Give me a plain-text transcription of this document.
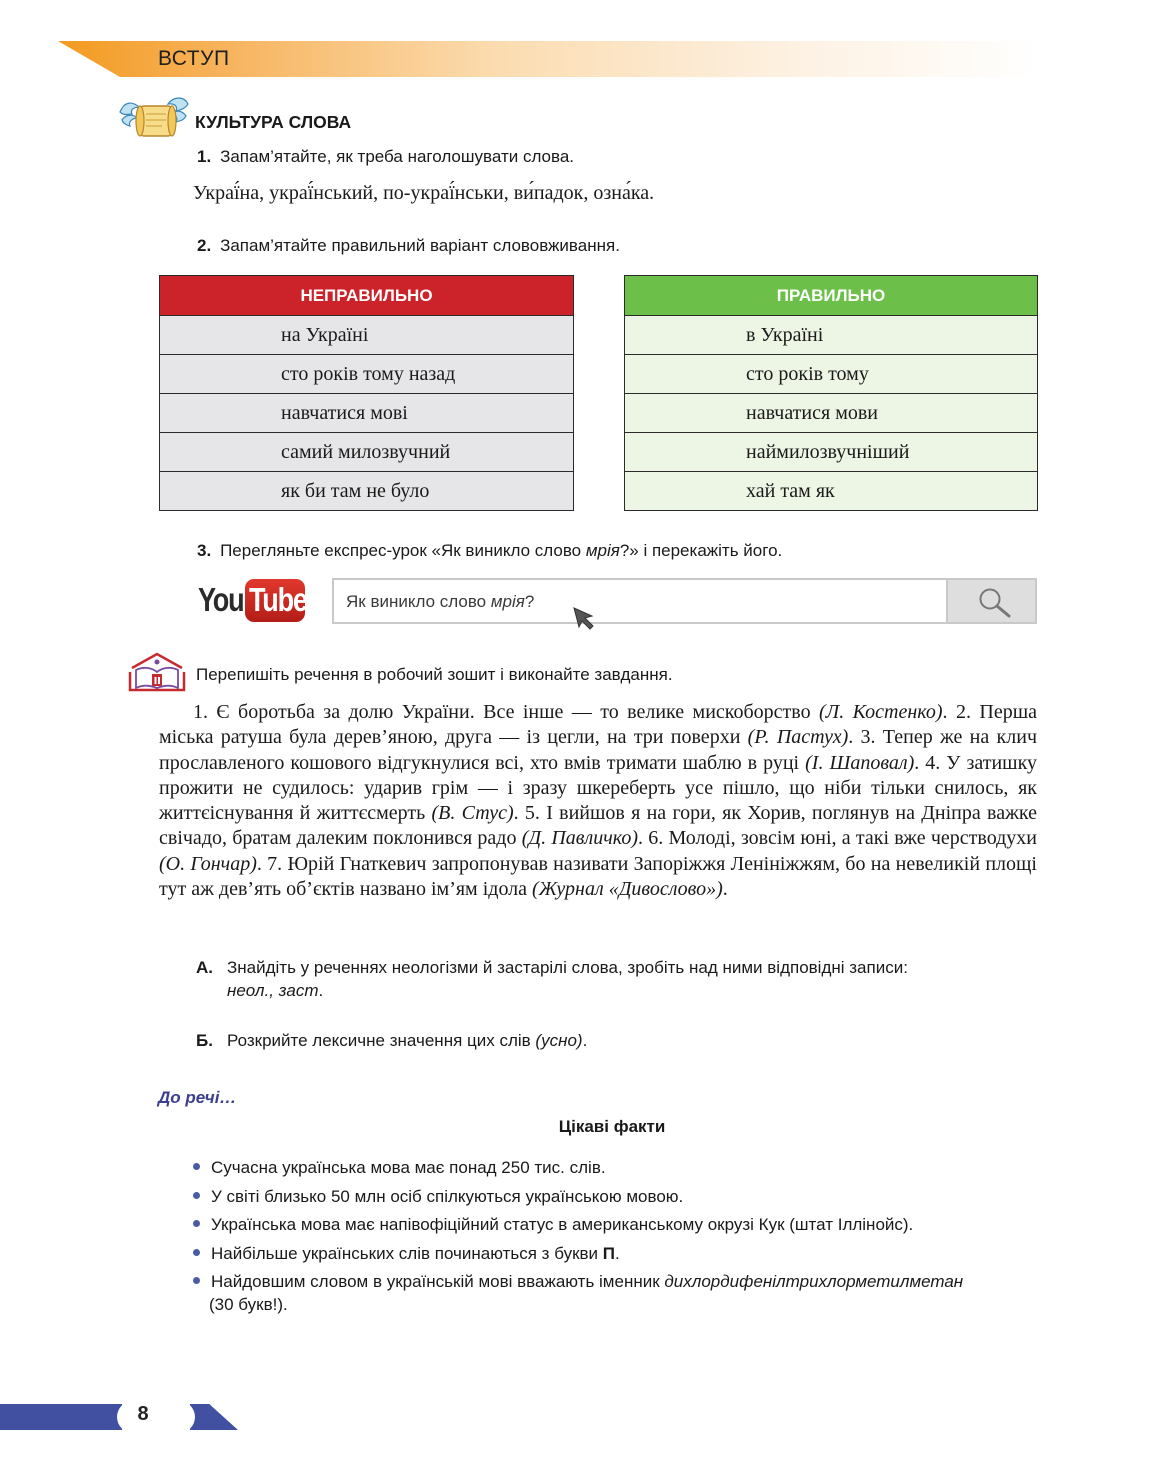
ВСТУП
КУЛЬТУРА СЛОВА
1. Запам’ятайте, як треба наголошувати слова.
Украї́на, украї́нський, по-украї́нськи, ви́падок, озна́ка.
2. Запам’ятайте правильний варіант слововживання.
НЕПРАВИЛЬНО
на Україні
сто років тому назад
навчатися мові
самий милозвучний
як би там не було
ПРАВИЛЬНО
в Україні
сто років тому
навчатися мови
наймилозвучніший
хай там як
3. Перегляньте експрес-урок «Як виникло слово мрія?» і перекажіть його.
You Tube Як виникло слово мрія?
Перепишіть речення в робочий зошит і виконайте завдання.
1. Є боротьба за долю України. Все інше — то велике мискоборство (Л. Костенко). 2. Перша міська ратуша була дерев’яною, друга — із цегли, на три поверхи (Р. Пастух). 3. Тепер же на клич прославленого кошового відгукнулися всі, хто вмів тримати шаблю в руці (І. Шаповал). 4. У затишку прожити не судилось: ударив грім — і зразу шкереберть усе пішло, що ніби тільки снилось, як життєіснування й життєсмерть (В. Стус). 5. І вийшов я на гори, як Хорив, поглянув на Дніпра важке свічадо, братам далеким поклонився радо (Д. Павличко). 6. Молоді, зовсім юні, а такі вже черстводухи (О. Гончар). 7. Юрій Гнаткевич запропонував називати Запоріжжя Ленініжжям, бо на невеликій площі тут аж дев’ять об’єктів названо ім’ям ідола (Журнал «Дивослово»).
А. Знайдіть у реченнях неологізми й застарілі слова, зробіть над ними відповідні записи:
неол., заст.
Б. Розкрийте лексичне значення цих слів (усно).
До речі…
Цікаві факти
Сучасна українська мова має понад 250 тис. слів.
У світі близько 50 млн осіб спілкуються українською мовою.
Українська мова має напівофіційний статус в американському окрузі Кук (штат Іллінойс).
Найбільше українських слів починаються з букви П.
Найдовшим словом в українській мові вважають іменник дихлордифенілтрихлорметилметан
(30 букв!).
8
